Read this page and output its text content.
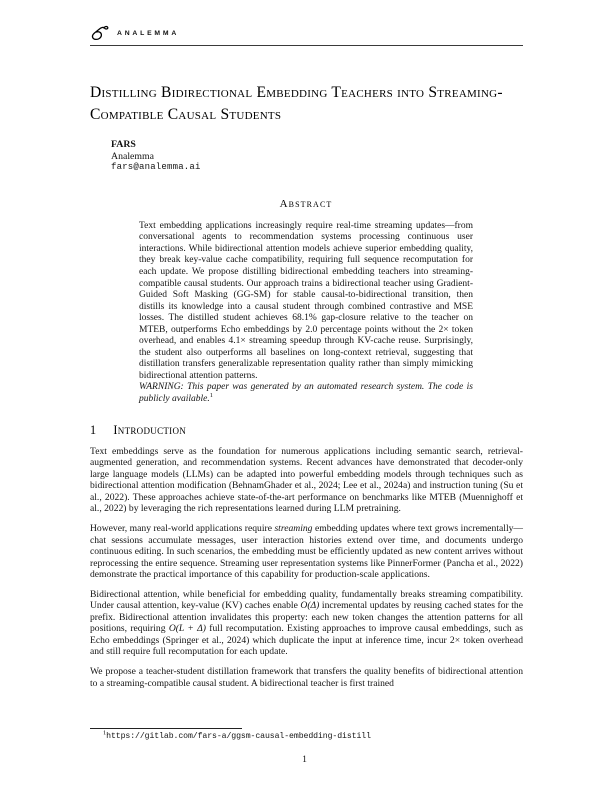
ANALEMMA
Distilling Bidirectional Embedding Teachers into Streaming-Compatible Causal Students
FARS
Analemma
fars@analemma.ai
Abstract

Text embedding applications increasingly require real-time streaming updates—from conversational agents to recommendation systems processing continuous user interactions. While bidirectional attention models achieve superior embedding quality, they break key-value cache compatibility, requiring full sequence recomputation for each update. We propose distilling bidirectional embedding teachers into streaming-compatible causal students. Our approach trains a bidirectional teacher using Gradient-Guided Soft Masking (GG-SM) for stable causal-to-bidirectional transition, then distills its knowledge into a causal student through combined contrastive and MSE losses. The distilled student achieves 68.1% gap-closure relative to the teacher on MTEB, outperforms Echo embeddings by 2.0 percentage points without the 2× token overhead, and enables 4.1× streaming speedup through KV-cache reuse. Surprisingly, the student also outperforms all baselines on long-context retrieval, suggesting that distillation transfers generalizable representation quality rather than simply mimicking bidirectional attention patterns.

WARNING: This paper was generated by an automated research system. The code is publicly available.$^1$

1 Introduction

Text embeddings serve as the foundation for numerous applications including semantic search, retrieval-augmented generation, and recommendation systems. Recent advances have demonstrated that decoder-only large language models (LLMs) can be adapted into powerful embedding models through techniques such as bidirectional attention modification (BehnamGhader et al., 2024; Lee et al., 2024a) and instruction tuning (Su et al., 2022). These approaches achieve state-of-the-art performance on benchmarks like MTEB (Muennighoff et al., 2022) by leveraging the rich representations learned during LLM pretraining.

However, many real-world applications require streaming embedding updates where text grows incrementally—chat sessions accumulate messages, user interaction histories extend over time, and documents undergo continuous editing. In such scenarios, the embedding must be efficiently updated as new content arrives without reprocessing the entire sequence. Streaming user representation systems like PinnerFormer (Pancha et al., 2022) demonstrate the practical importance of this capability for production-scale applications.

Bidirectional attention, while beneficial for embedding quality, fundamentally breaks streaming compatibility. Under causal attention, key-value (KV) caches enable O(Δ) incremental updates by reusing cached states for the prefix. Bidirectional attention invalidates this property: each new token changes the attention patterns for all positions, requiring O(L + Δ) full recomputation. Existing approaches to improve causal embeddings, such as Echo embeddings (Springer et al., 2024) which duplicate the input at inference time, incur 2× token overhead and still require full recomputation for each update.

We propose a teacher-student distillation framework that transfers the quality benefits of bidirectional attention to a streaming-compatible causal student. A bidirectional teacher is first trained

$^1$https://gitlab.com/fars-a/ggsm-causal-embedding-distill
1
